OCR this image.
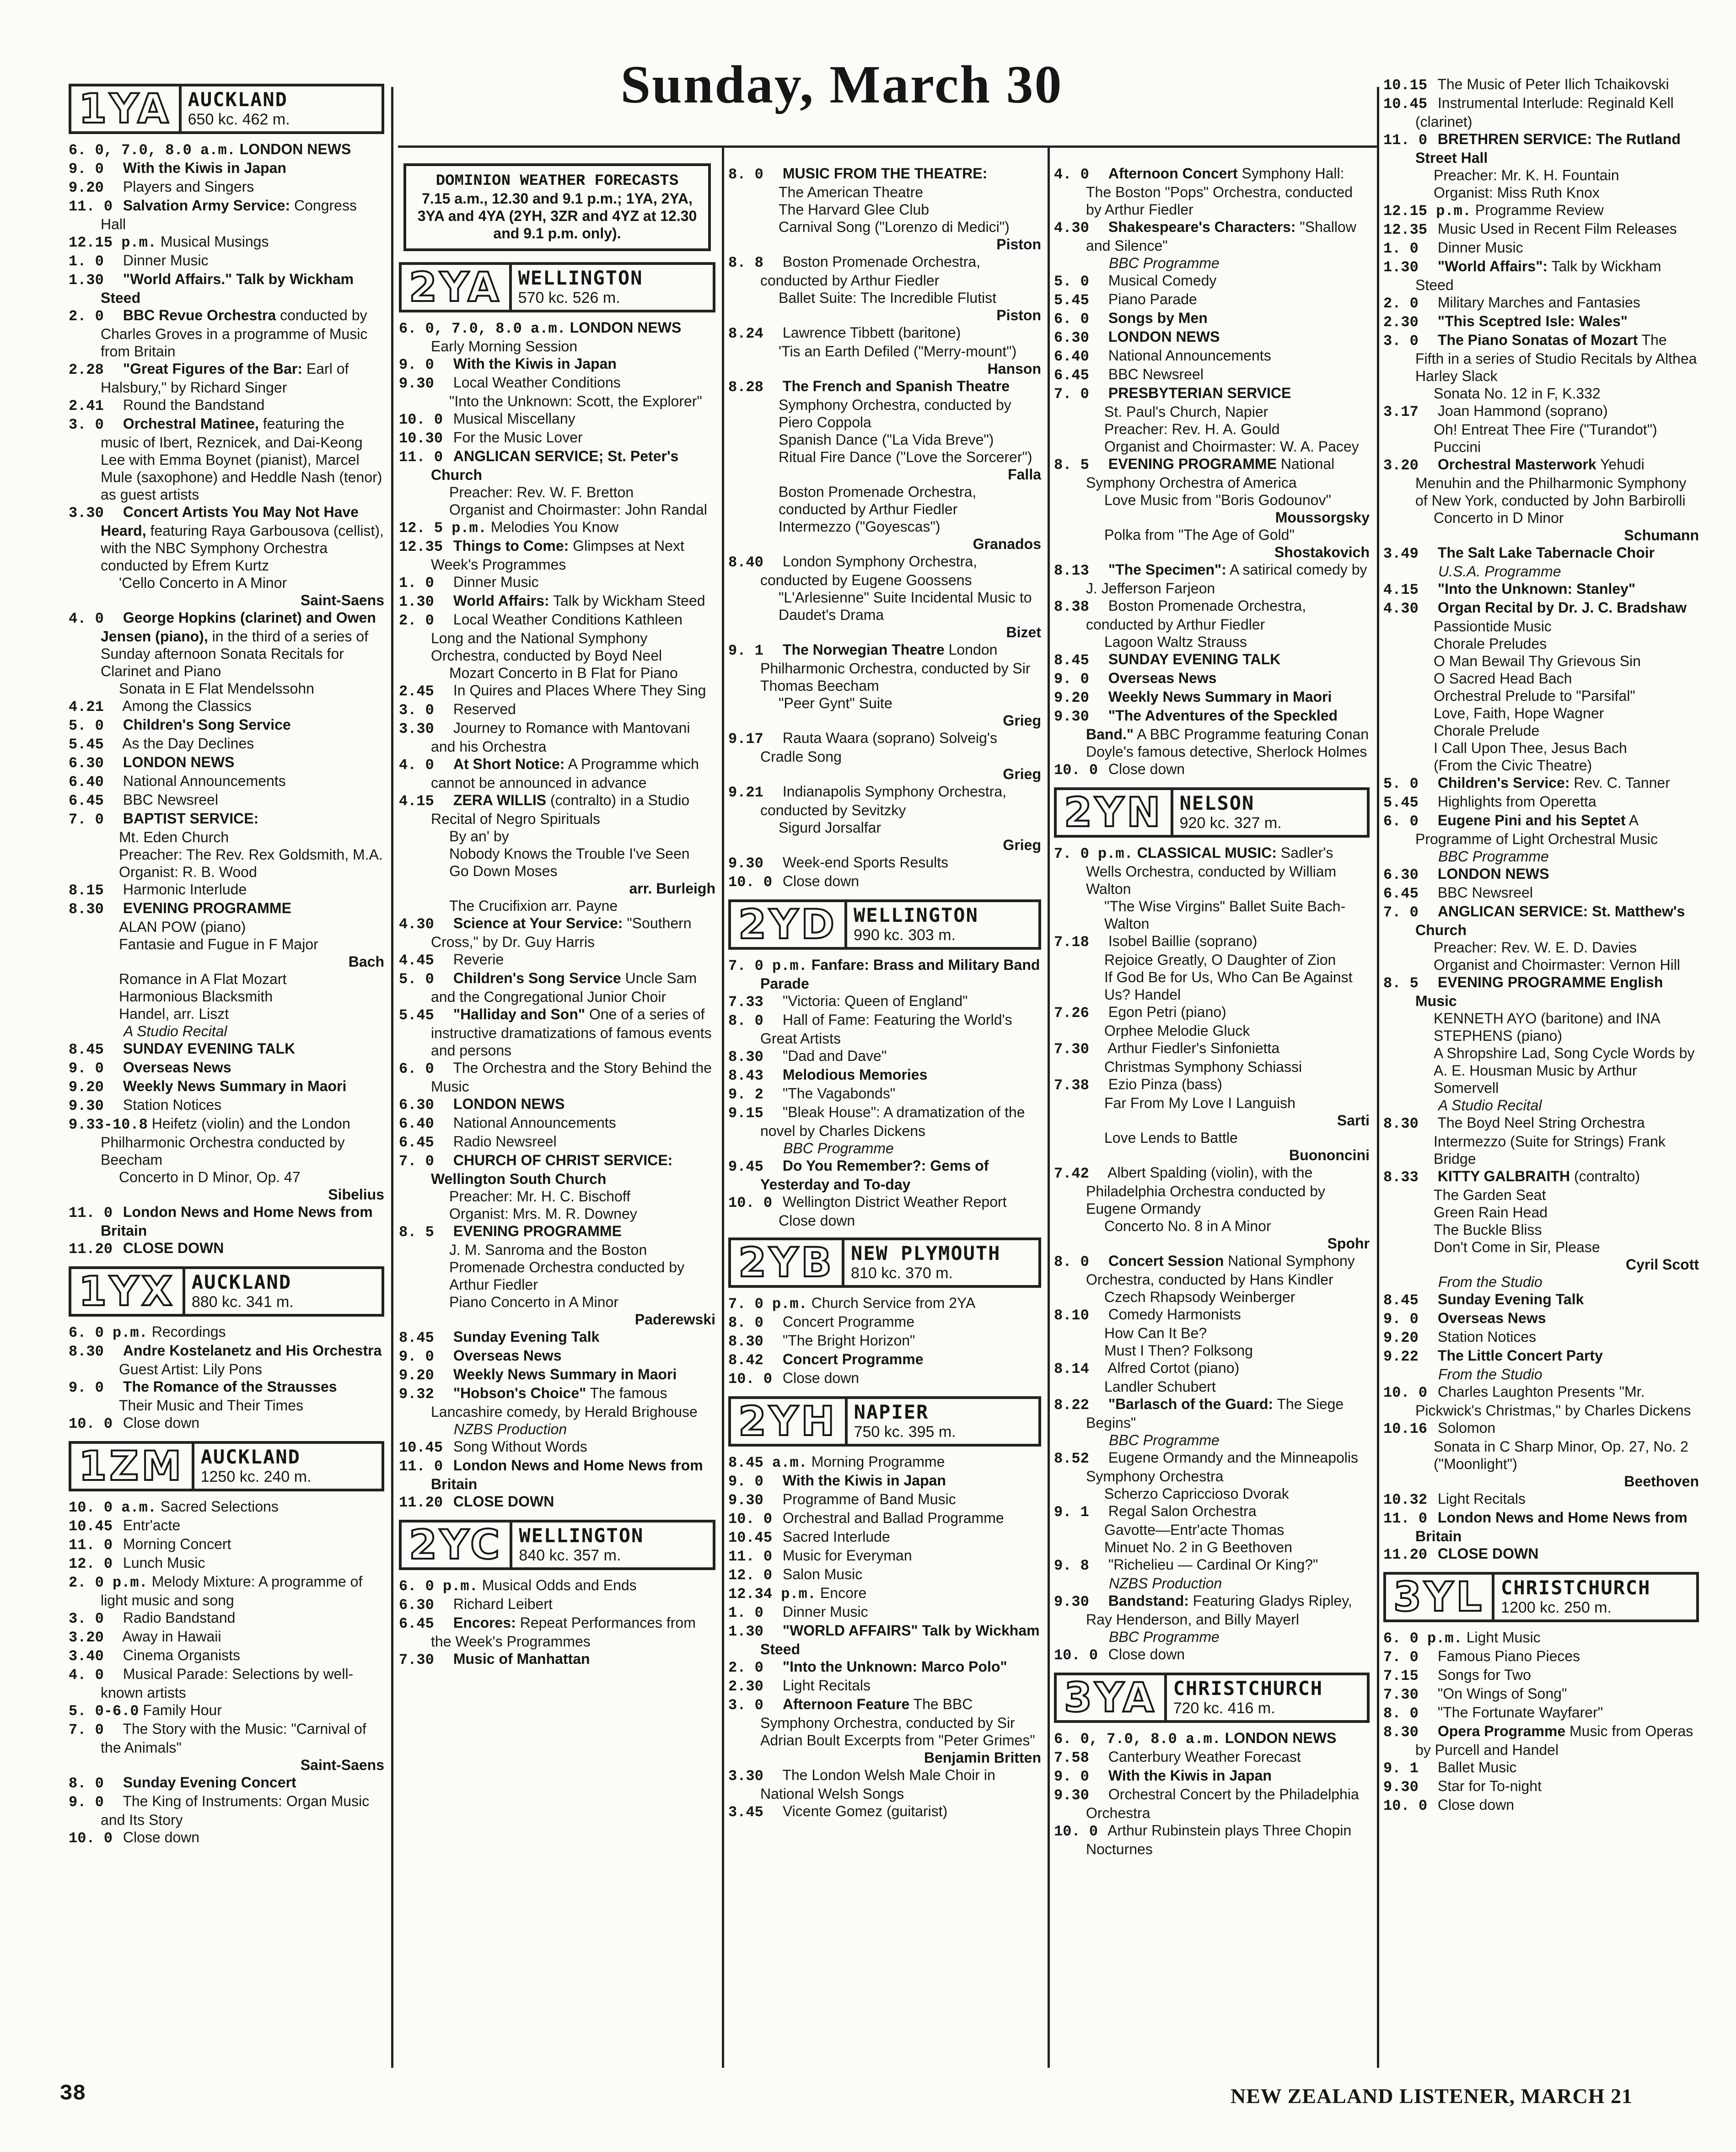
Sunday, March 30
1YA AUCKLAND
650 kc. 462 m.
6. 0, 7.0, 8.0 a.m. LONDON NEWS
9. 0 With the Kiwis in Japan
9.20 Players and Singers
11. 0 Salvation Army Service: Congress Hall
12.15 p.m. Musical Musings
1. 0 Dinner Music
1.30 "World Affairs." Talk by Wickham Steed
2. 0 BBC Revue Orchestra conducted by Charles Groves in a programme of Music from Britain
2.28 "Great Figures of the Bar: Earl of Halsbury," by Richard Singer
2.41 Round the Bandstand
3. 0 Orchestral Matinee, featuring the music of Ibert, Reznicek, and Dai-Keong Lee with Emma Boynet (pianist), Marcel Mule (saxophone) and Heddle Nash (tenor) as guest artists
3.30 Concert Artists You May Not Have Heard, featuring Raya Garbousova (cellist), with the NBC Symphony Orchestra conducted by Efrem Kurtz
'Cello Concerto in A Minor
Saint-Saens
4. 0 George Hopkins (clarinet) and Owen Jensen (piano), in the third of a series of Sunday afternoon Sonata Recitals for Clarinet and Piano
Sonata in E Flat Mendelssohn
4.21 Among the Classics
5. 0 Children's Song Service
5.45 As the Day Declines
6.30 LONDON NEWS
6.40 National Announcements
6.45 BBC Newsreel
7. 0 BAPTIST SERVICE:
Mt. Eden Church
Preacher: The Rev. Rex Goldsmith, M.A.
Organist: R. B. Wood
8.15 Harmonic Interlude
8.30 EVENING PROGRAMME
ALAN POW (piano)
Fantasie and Fugue in F Major
Bach
Romance in A Flat Mozart
Harmonious Blacksmith
Handel, arr. Liszt
A Studio Recital
8.45 SUNDAY EVENING TALK
9. 0 Overseas News
9.20 Weekly News Summary in Maori
9.30 Station Notices
9.33-10.8 Heifetz (violin) and the London Philharmonic Orchestra conducted by Beecham
Concerto in D Minor, Op. 47
Sibelius
11. 0 London News and Home News from Britain
11.20 CLOSE DOWN
1YX AUCKLAND
880 kc. 341 m.
6. 0 p.m. Recordings
8.30 Andre Kostelanetz and His Orchestra
Guest Artist: Lily Pons
9. 0 The Romance of the Strausses
Their Music and Their Times
10. 0 Close down
1ZM AUCKLAND
1250 kc. 240 m.
10. 0 a.m. Sacred Selections
10.45 Entr'acte
11. 0 Morning Concert
12. 0 Lunch Music
2. 0 p.m. Melody Mixture: A programme of light music and song
3. 0 Radio Bandstand
3.20 Away in Hawaii
3.40 Cinema Organists
4. 0 Musical Parade: Selections by well-known artists
5. 0-6.0 Family Hour
7. 0 The Story with the Music: "Carnival of the Animals"
Saint-Saens
8. 0 Sunday Evening Concert
9. 0 The King of Instruments: Organ Music and Its Story
10. 0 Close down
DOMINION WEATHER FORECASTS
7.15 a.m., 12.30 and 9.1 p.m.; 1YA, 2YA, 3YA and 4YA (2YH, 3ZR and 4YZ at 12.30 and 9.1 p.m. only).
2YA WELLINGTON
570 kc. 526 m.
6. 0, 7.0, 8.0 a.m. LONDON NEWS Early Morning Session
9. 0 With the Kiwis in Japan
9.30 Local Weather Conditions
"Into the Unknown: Scott, the Explorer"
10. 0 Musical Miscellany
10.30 For the Music Lover
11. 0 ANGLICAN SERVICE; St. Peter's Church
Preacher: Rev. W. F. Bretton
Organist and Choirmaster: John Randal
12. 5 p.m. Melodies You Know
12.35 Things to Come: Glimpses at Next Week's Programmes
1. 0 Dinner Music
1.30 World Affairs: Talk by Wickham Steed
2. 0 Local Weather Conditions Kathleen Long and the National Symphony Orchestra, conducted by Boyd Neel
Mozart Concerto in B Flat for Piano
2.45 In Quires and Places Where They Sing
3. 0 Reserved
3.30 Journey to Romance with Mantovani and his Orchestra
4. 0 At Short Notice: A Programme which cannot be announced in advance
4.15 ZERA WILLIS (contralto) in a Studio Recital of Negro Spirituals
By an' by
Nobody Knows the Trouble I've Seen
Go Down Moses
arr. Burleigh
The Crucifixion arr. Payne
4.30 Science at Your Service: "Southern Cross," by Dr. Guy Harris
4.45 Reverie
5. 0 Children's Song Service Uncle Sam and the Congregational Junior Choir
5.45 "Halliday and Son" One of a series of instructive dramatizations of famous events and persons
6. 0 The Orchestra and the Story Behind the Music
6.30 LONDON NEWS
6.40 National Announcements
6.45 Radio Newsreel
7. 0 CHURCH OF CHRIST SERVICE: Wellington South Church
Preacher: Mr. H. C. Bischoff
Organist: Mrs. M. R. Downey
8. 5 EVENING PROGRAMME
J. M. Sanroma and the Boston Promenade Orchestra conducted by Arthur Fiedler
Piano Concerto in A Minor
Paderewski
8.45 Sunday Evening Talk
9. 0 Overseas News
9.20 Weekly News Summary in Maori
9.32 "Hobson's Choice" The famous Lancashire comedy, by Herald Brighouse
NZBS Production
10.45 Song Without Words
11. 0 London News and Home News from Britain
11.20 CLOSE DOWN
2YC WELLINGTON
840 kc. 357 m.
6. 0 p.m. Musical Odds and Ends
6.30 Richard Leibert
6.45 Encores: Repeat Performances from the Week's Programmes
7.30 Music of Manhattan
8. 0 MUSIC FROM THE THEATRE:
The American Theatre
The Harvard Glee Club
Carnival Song ("Lorenzo di Medici")
Piston
8. 8 Boston Promenade Orchestra, conducted by Arthur Fiedler
Ballet Suite: The Incredible Flutist
Piston
8.24 Lawrence Tibbett (baritone)
'Tis an Earth Defiled ("Merry-mount")
Hanson
8.28 The French and Spanish Theatre
Symphony Orchestra, conducted by Piero Coppola
Spanish Dance ("La Vida Breve")
Ritual Fire Dance ("Love the Sorcerer")
Falla
Boston Promenade Orchestra, conducted by Arthur Fiedler
Intermezzo ("Goyescas")
Granados
8.40 London Symphony Orchestra, conducted by Eugene Goossens
"L'Arlesienne" Suite Incidental Music to Daudet's Drama
Bizet
9. 1 The Norwegian Theatre London Philharmonic Orchestra, conducted by Sir Thomas Beecham
"Peer Gynt" Suite
Grieg
9.17 Rauta Waara (soprano) Solveig's Cradle Song
Grieg
9.21 Indianapolis Symphony Orchestra, conducted by Sevitzky
Sigurd Jorsalfar
Grieg
9.30 Week-end Sports Results
10. 0 Close down
2YD WELLINGTON
990 kc. 303 m.
7. 0 p.m. Fanfare: Brass and Military Band Parade
7.33 "Victoria: Queen of England"
8. 0 Hall of Fame: Featuring the World's Great Artists
8.30 "Dad and Dave"
8.43 Melodious Memories
9. 2 "The Vagabonds"
9.15 "Bleak House": A dramatization of the novel by Charles Dickens
BBC Programme
9.45 Do You Remember?: Gems of Yesterday and To-day
10. 0 Wellington District Weather Report
Close down
2YB NEW PLYMOUTH
810 kc. 370 m.
7. 0 p.m. Church Service from 2YA
8. 0 Concert Programme
8.30 "The Bright Horizon"
8.42 Concert Programme
10. 0 Close down
2YH NAPIER
750 kc. 395 m.
8.45 a.m. Morning Programme
9. 0 With the Kiwis in Japan
9.30 Programme of Band Music
10. 0 Orchestral and Ballad Programme
10.45 Sacred Interlude
11. 0 Music for Everyman
12. 0 Salon Music
12.34 p.m. Encore
1. 0 Dinner Music
1.30 "WORLD AFFAIRS" Talk by Wickham Steed
2. 0 "Into the Unknown: Marco Polo"
2.30 Light Recitals
3. 0 Afternoon Feature The BBC Symphony Orchestra, conducted by Sir Adrian Boult Excerpts from "Peter Grimes"
Benjamin Britten
3.30 The London Welsh Male Choir in National Welsh Songs
3.45 Vicente Gomez (guitarist)
4. 0 Afternoon Concert Symphony Hall: The Boston "Pops" Orchestra, conducted by Arthur Fiedler
4.30 Shakespeare's Characters: "Shallow and Silence"
BBC Programme
5. 0 Musical Comedy
5.45 Piano Parade
6. 0 Songs by Men
6.30 LONDON NEWS
6.40 National Announcements
6.45 BBC Newsreel
7. 0 PRESBYTERIAN SERVICE
St. Paul's Church, Napier
Preacher: Rev. H. A. Gould
Organist and Choirmaster: W. A. Pacey
8. 5 EVENING PROGRAMME National Symphony Orchestra of America
Love Music from "Boris Godounov"
Moussorgsky
Polka from "The Age of Gold"
Shostakovich
8.13 "The Specimen": A satirical comedy by J. Jefferson Farjeon
8.38 Boston Promenade Orchestra, conducted by Arthur Fiedler
Lagoon Waltz Strauss
8.45 SUNDAY EVENING TALK
9. 0 Overseas News
9.20 Weekly News Summary in Maori
9.30 "The Adventures of the Speckled Band." A BBC Programme featuring Conan Doyle's famous detective, Sherlock Holmes
10. 0 Close down
2YN NELSON
920 kc. 327 m.
7. 0 p.m. CLASSICAL MUSIC: Sadler's Wells Orchestra, conducted by William Walton
"The Wise Virgins" Ballet Suite Bach-Walton
7.18 Isobel Baillie (soprano)
Rejoice Greatly, O Daughter of Zion
If God Be for Us, Who Can Be Against Us? Handel
7.26 Egon Petri (piano)
Orphee Melodie Gluck
7.30 Arthur Fiedler's Sinfonietta
Christmas Symphony Schiassi
7.38 Ezio Pinza (bass)
Far From My Love I Languish
Sarti
Love Lends to Battle
Buononcini
7.42 Albert Spalding (violin), with the Philadelphia Orchestra conducted by Eugene Ormandy
Concerto No. 8 in A Minor
Spohr
8. 0 Concert Session National Symphony Orchestra, conducted by Hans Kindler
Czech Rhapsody Weinberger
8.10 Comedy Harmonists
How Can It Be?
Must I Then? Folksong
8.14 Alfred Cortot (piano)
Landler Schubert
8.22 "Barlasch of the Guard: The Siege Begins"
BBC Programme
8.52 Eugene Ormandy and the Minneapolis Symphony Orchestra
Scherzo Capriccioso Dvorak
9. 1 Regal Salon Orchestra
Gavotte—Entr'acte Thomas
Minuet No. 2 in G Beethoven
9. 8 "Richelieu — Cardinal Or King?"
NZBS Production
9.30 Bandstand: Featuring Gladys Ripley, Ray Henderson, and Billy Mayerl
BBC Programme
10. 0 Close down
3YA CHRISTCHURCH
720 kc. 416 m.
6. 0, 7.0, 8.0 a.m. LONDON NEWS
7.58 Canterbury Weather Forecast
9. 0 With the Kiwis in Japan
9.30 Orchestral Concert by the Philadelphia Orchestra
10. 0 Arthur Rubinstein plays Three Chopin Nocturnes
10.15 The Music of Peter Ilich Tchaikovski
10.45 Instrumental Interlude: Reginald Kell (clarinet)
11. 0 BRETHREN SERVICE: The Rutland Street Hall
Preacher: Mr. K. H. Fountain
Organist: Miss Ruth Knox
12.15 p.m. Programme Review
12.35 Music Used in Recent Film Releases
1. 0 Dinner Music
1.30 "World Affairs": Talk by Wickham Steed
2. 0 Military Marches and Fantasies
2.30 "This Sceptred Isle: Wales"
3. 0 The Piano Sonatas of Mozart The Fifth in a series of Studio Recitals by Althea Harley Slack
Sonata No. 12 in F, K.332
3.17 Joan Hammond (soprano)
Oh! Entreat Thee Fire ("Turandot") Puccini
3.20 Orchestral Masterwork Yehudi Menuhin and the Philharmonic Symphony of New York, conducted by John Barbirolli
Concerto in D Minor
Schumann
3.49 The Salt Lake Tabernacle Choir
U.S.A. Programme
4.15 "Into the Unknown: Stanley"
4.30 Organ Recital by Dr. J. C. Bradshaw
Passiontide Music
Chorale Preludes
O Man Bewail Thy Grievous Sin
O Sacred Head Bach
Orchestral Prelude to "Parsifal"
Love, Faith, Hope Wagner
Chorale Prelude
I Call Upon Thee, Jesus Bach
(From the Civic Theatre)
5. 0 Children's Service: Rev. C. Tanner
5.45 Highlights from Operetta
6. 0 Eugene Pini and his Septet A Programme of Light Orchestral Music
BBC Programme
6.30 LONDON NEWS
6.45 BBC Newsreel
7. 0 ANGLICAN SERVICE: St. Matthew's Church
Preacher: Rev. W. E. D. Davies
Organist and Choirmaster: Vernon Hill
8. 5 EVENING PROGRAMME English Music
KENNETH AYO (baritone) and INA STEPHENS (piano)
A Shropshire Lad, Song Cycle Words by A. E. Housman Music by Arthur Somervell
A Studio Recital
8.30 The Boyd Neel String Orchestra
Intermezzo (Suite for Strings) Frank Bridge
8.33 KITTY GALBRAITH (contralto)
The Garden Seat
Green Rain Head
The Buckle Bliss
Don't Come in Sir, Please
Cyril Scott
From the Studio
8.45 Sunday Evening Talk
9. 0 Overseas News
9.20 Station Notices
9.22 The Little Concert Party
From the Studio
10. 0 Charles Laughton Presents "Mr. Pickwick's Christmas," by Charles Dickens
10.16 Solomon
Sonata in C Sharp Minor, Op. 27, No. 2 ("Moonlight")
Beethoven
10.32 Light Recitals
11. 0 London News and Home News from Britain
11.20 CLOSE DOWN
3YL CHRISTCHURCH
1200 kc. 250 m.
6. 0 p.m. Light Music
7. 0 Famous Piano Pieces
7.15 Songs for Two
7.30 "On Wings of Song"
8. 0 "The Fortunate Wayfarer"
8.30 Opera Programme Music from Operas by Purcell and Handel
9. 1 Ballet Music
9.30 Star for To-night
10. 0 Close down
38	NEW ZEALAND LISTENER, MARCH 21
